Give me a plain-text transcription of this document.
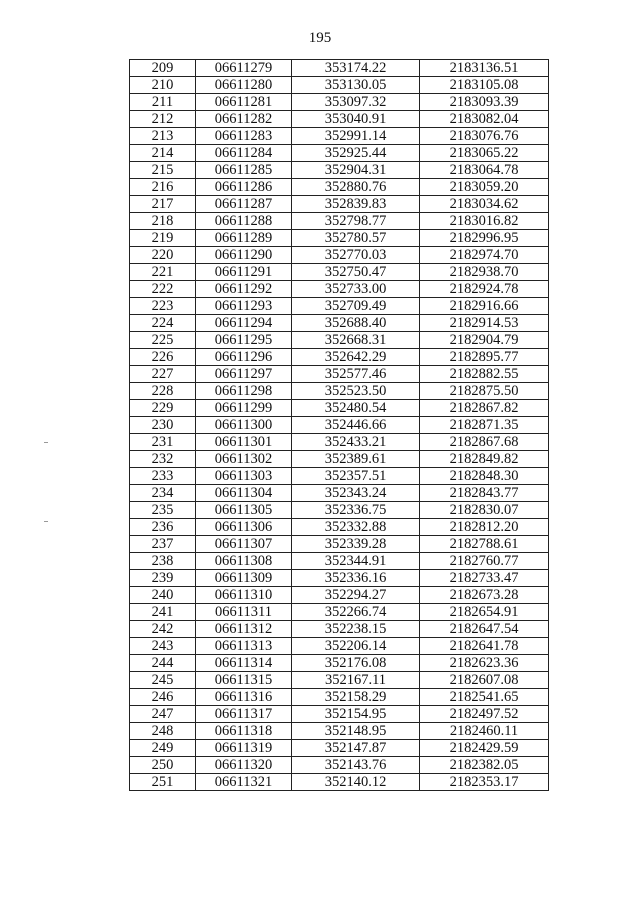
195
209	06611279	353174.22	2183136.51
210	06611280	353130.05	2183105.08
211	06611281	353097.32	2183093.39
212	06611282	353040.91	2183082.04
213	06611283	352991.14	2183076.76
214	06611284	352925.44	2183065.22
215	06611285	352904.31	2183064.78
216	06611286	352880.76	2183059.20
217	06611287	352839.83	2183034.62
218	06611288	352798.77	2183016.82
219	06611289	352780.57	2182996.95
220	06611290	352770.03	2182974.70
221	06611291	352750.47	2182938.70
222	06611292	352733.00	2182924.78
223	06611293	352709.49	2182916.66
224	06611294	352688.40	2182914.53
225	06611295	352668.31	2182904.79
226	06611296	352642.29	2182895.77
227	06611297	352577.46	2182882.55
228	06611298	352523.50	2182875.50
229	06611299	352480.54	2182867.82
230	06611300	352446.66	2182871.35
231	06611301	352433.21	2182867.68
232	06611302	352389.61	2182849.82
233	06611303	352357.51	2182848.30
234	06611304	352343.24	2182843.77
235	06611305	352336.75	2182830.07
236	06611306	352332.88	2182812.20
237	06611307	352339.28	2182788.61
238	06611308	352344.91	2182760.77
239	06611309	352336.16	2182733.47
240	06611310	352294.27	2182673.28
241	06611311	352266.74	2182654.91
242	06611312	352238.15	2182647.54
243	06611313	352206.14	2182641.78
244	06611314	352176.08	2182623.36
245	06611315	352167.11	2182607.08
246	06611316	352158.29	2182541.65
247	06611317	352154.95	2182497.52
248	06611318	352148.95	2182460.11
249	06611319	352147.87	2182429.59
250	06611320	352143.76	2182382.05
251	06611321	352140.12	2182353.17
